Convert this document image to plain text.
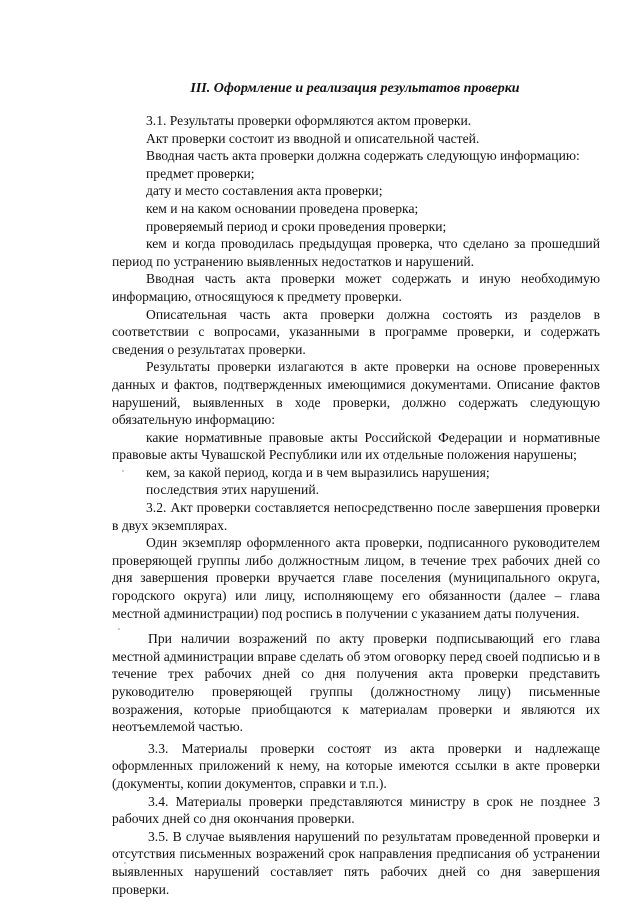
III. Оформление и реализация результатов проверки

3.1. Результаты проверки оформляются актом проверки.

Акт проверки состоит из вводной и описательной частей.

Вводная часть акта проверки должна содержать следующую информацию:

предмет проверки;

дату и место составления акта проверки;

кем и на каком основании проведена проверка;

проверяемый период и сроки проведения проверки;

кем и когда проводилась предыдущая проверка, что сделано за прошедший период по устранению выявленных недостатков и нарушений.

Вводная часть акта проверки может содержать и иную необходимую информацию, относящуюся к предмету проверки.

Описательная часть акта проверки должна состоять из разделов в соответствии с вопросами, указанными в программе проверки, и содержать сведения о результатах проверки.

Результаты проверки излагаются в акте проверки на основе проверенных данных и фактов, подтвержденных имеющимися документами. Описание фактов нарушений, выявленных в ходе проверки, должно содержать следующую обязательную информацию:

какие нормативные правовые акты Российской Федерации и нормативные правовые акты Чувашской Республики или их отдельные положения нарушены;

кем, за какой период, когда и в чем выразились нарушения;

последствия этих нарушений.

3.2. Акт проверки составляется непосредственно после завершения проверки в двух экземплярах.

Один экземпляр оформленного акта проверки, подписанного руководителем проверяющей группы либо должностным лицом, в течение трех рабочих дней со дня завершения проверки вручается главе поселения (муниципального округа, городского округа) или лицу, исполняющему его обязанности (далее – глава местной администрации) под роспись в получении с указанием даты получения.

При наличии возражений по акту проверки подписывающий его глава местной администрации вправе сделать об этом оговорку перед своей подписью и в течение трех рабочих дней со дня получения акта проверки представить руководителю проверяющей группы (должностному лицу) письменные возражения, которые приобщаются к материалам проверки и являются их неотъемлемой частью.

3.3. Материалы проверки состоят из акта проверки и надлежаще оформленных приложений к нему, на которые имеются ссылки в акте проверки (документы, копии документов, справки и т.п.).

3.4. Материалы проверки представляются министру в срок не позднее 3 рабочих дней со дня окончания проверки.

3.5. В случае выявления нарушений по результатам проведенной проверки и отсутствия письменных возражений срок направления предписания об устранении выявленных нарушений составляет пять рабочих дней со дня завершения проверки.
